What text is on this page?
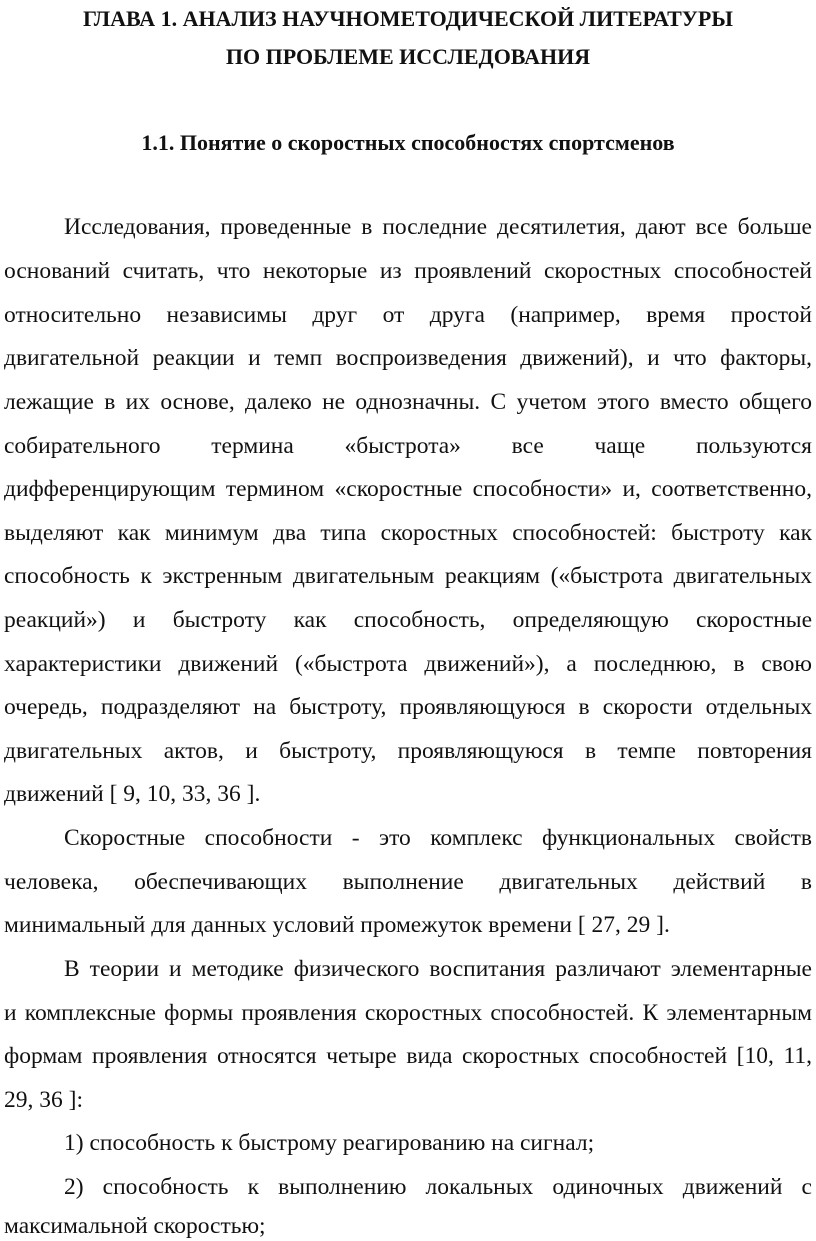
ГЛАВА 1. АНАЛИЗ НАУЧНОМЕТОДИЧЕСКОЙ ЛИТЕРАТУРЫ
ПО ПРОБЛЕМЕ ИССЛЕДОВАНИЯ
1.1. Понятие о скоростных способностях спортсменов

Исследования, проведенные в последние десятилетия, дают все больше

оснований считать, что некоторые из проявлений скоростных способностей

относительно независимы друг от друга (например, время простой

двигательной реакции и темп воспроизведения движений), и что факторы,

лежащие в их основе, далеко не однозначны. С учетом этого вместо общего

собирательного термина «быстрота» все чаще пользуются

дифференцирующим термином «скоростные способности» и, соответственно,

выделяют как минимум два типа скоростных способностей: быстроту как

способность к экстренным двигательным реакциям («быстрота двигательных

реакций») и быстроту как способность, определяющую скоростные

характеристики движений («быстрота движений»), а последнюю, в свою

очередь, подразделяют на быстроту, проявляющуюся в скорости отдельных

двигательных актов, и быстроту, проявляющуюся в темпе повторения

движений [ 9, 10, 33, 36 ].

Скоростные способности - это комплекс функциональных свойств

человека, обеспечивающих выполнение двигательных действий в

минимальный для данных условий промежуток времени [ 27, 29 ].

В теории и методике физического воспитания различают элементарные

и комплексные формы проявления скоростных способностей. К элементарным

формам проявления относятся четыре вида скоростных способностей [10, 11,

29, 36 ]:

1) способность к быстрому реагированию на сигнал;

2) способность к выполнению локальных одиночных движений с

максимальной скоростью;
